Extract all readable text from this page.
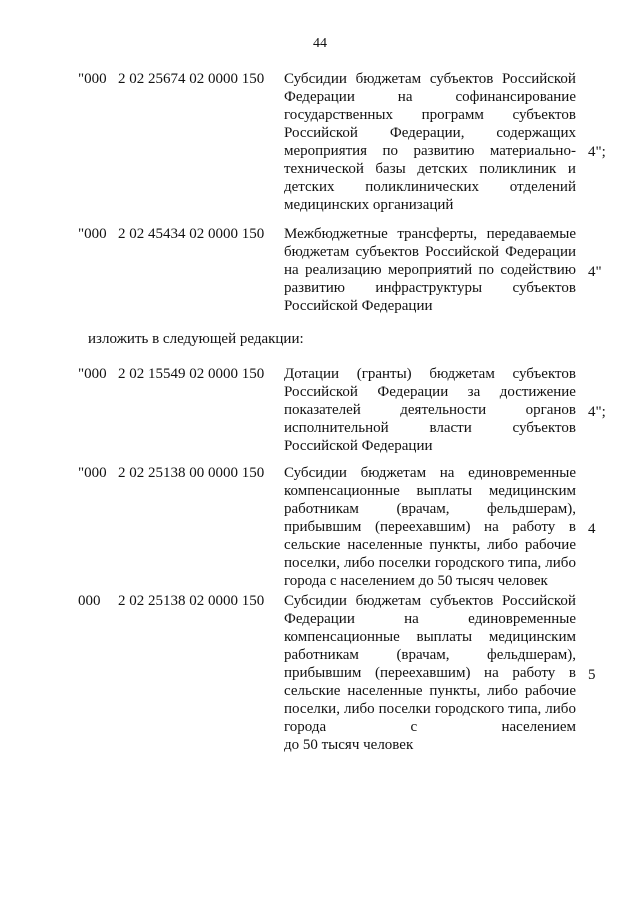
44
"000 2 02 25674 02 0000 150	Субсидии бюджетам субъектов Российской
Федерации	на	софинансирование
государственных программ субъектов
Российской Федерации, содержащих
мероприятия по развитию материально-
технической базы детских поликлиник и
детских поликлинических отделений
медицинских организаций
4";
"000 2 02 45434 02 0000 150	Межбюджетные трансферты, передаваемые
бюджетам субъектов Российской Федерации
на реализацию мероприятий по содействию
развитию инфраструктуры субъектов
Российской Федерации
4"
изложить в следующей редакции:
"000 2 02 15549 02 0000 150	Дотации (гранты) бюджетам субъектов
Российской Федерации за достижение
показателей	деятельности	органов
исполнительной	власти	субъектов
Российской Федерации
4";
"000 2 02 25138 00 0000 150	Субсидии бюджетам на единовременные
компенсационные выплаты медицинским
работникам	(врачам,	фельдшерам),
прибывшим (переехавшим) на работу в
сельские населенные пункты, либо рабочие
поселки, либо поселки городского типа, либо
города с населением до 50 тысяч человек
4
000 2 02 25138 02 0000 150	Субсидии бюджетам субъектов Российской
Федерации	на	единовременные
компенсационные выплаты медицинским
работникам	(врачам,	фельдшерам),
прибывшим (переехавшим) на работу в
сельские населенные пункты, либо рабочие
поселки, либо поселки городского типа, либо
города	с	населением
до 50 тысяч человек
5
